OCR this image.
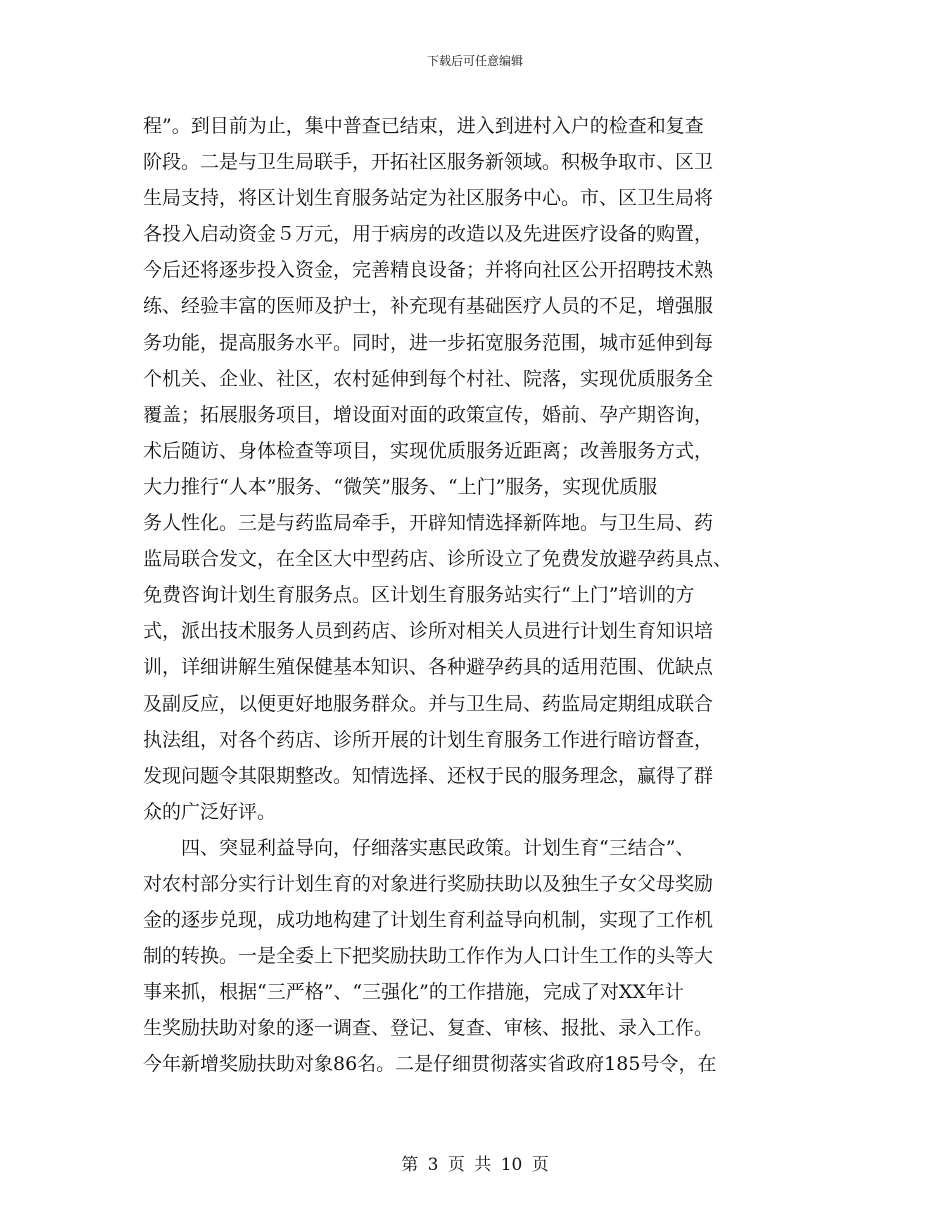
下载后可任意编辑
程”。到目前为止，集中普查已结束，进入到进村入户的检查和复查
阶段。二是与卫生局联手，开拓社区服务新领域。积极争取市、区卫
生局支持，将区计划生育服务站定为社区服务中心。市、区卫生局将
各投入启动资金５万元，用于病房的改造以及先进医疗设备的购置，
今后还将逐步投入资金，完善精良设备；并将向社区公开招聘技术熟
练、经验丰富的医师及护士，补充现有基础医疗人员的不足，增强服
务功能，提高服务水平。同时，进一步拓宽服务范围，城市延伸到每
个机关、企业、社区，农村延伸到每个村社、院落，实现优质服务全
覆盖；拓展服务项目，增设面对面的政策宣传，婚前、孕产期咨询，
术后随访、身体检查等项目，实现优质服务近距离；改善服务方式，
大力推行“人本”服务、“微笑”服务、“上门”服务，实现优质服
务人性化。三是与药监局牵手，开辟知情选择新阵地。与卫生局、药
监局联合发文，在全区大中型药店、诊所设立了免费发放避孕药具点、
免费咨询计划生育服务点。区计划生育服务站实行“上门”培训的方
式，派出技术服务人员到药店、诊所对相关人员进行计划生育知识培
训，详细讲解生殖保健基本知识、各种避孕药具的适用范围、优缺点
及副反应，以便更好地服务群众。并与卫生局、药监局定期组成联合
执法组，对各个药店、诊所开展的计划生育服务工作进行暗访督查，
发现问题令其限期整改。知情选择、还权于民的服务理念，赢得了群
众的广泛好评。
四、突显利益导向，仔细落实惠民政策。计划生育“三结合”、
对农村部分实行计划生育的对象进行奖励扶助以及独生子女父母奖励
金的逐步兑现，成功地构建了计划生育利益导向机制，实现了工作机
制的转换。一是全委上下把奖励扶助工作作为人口计生工作的头等大
事来抓，根据“三严格”、“三强化”的工作措施，完成了对XX年计
生奖励扶助对象的逐一调查、登记、复查、审核、报批、录入工作。
今年新增奖励扶助对象86名。二是仔细贯彻落实省政府185号令，在
第 3 页 共 10 页
